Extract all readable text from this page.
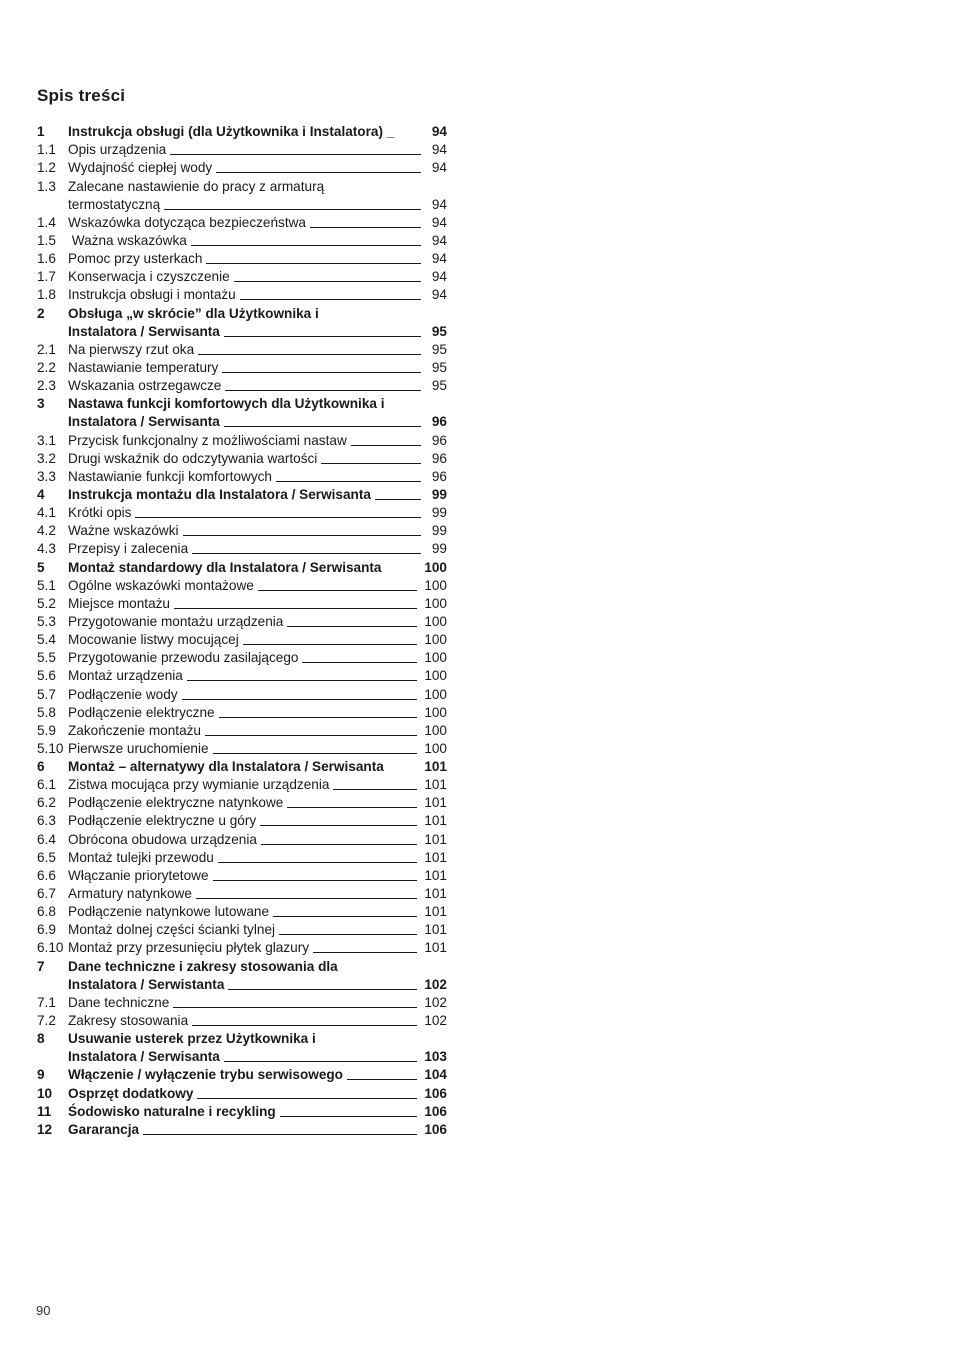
Spis treści
1	Instrukcja obsługi (dla Użytkownika i Instalatora) _	94
1.1 Opis urządzenia	94
1.2 Wydajność ciepłej wody	94
1.3 Zalecane nastawienie do pracy z armaturą
termostatyczną	94
1.4 Wskazówka dotycząca bezpieczeństwa	94
1.5 Ważna wskazówka	94
1.6 Pomoc przy usterkach	94
1.7 Konserwacja i czyszczenie	94
1.8 Instrukcja obsługi i montażu	94
2	Obsługa „w skrócie” dla Użytkownika i
Instalatora / Serwisanta	95
2.1 Na pierwszy rzut oka	95
2.2 Nastawianie temperatury	95
2.3 Wskazania ostrzegawcze	95
3	Nastawa funkcji komfortowych dla Użytkownika i
Instalatora / Serwisanta	96
3.1 Przycisk funkcjonalny z możliwościami nastaw	96
3.2 Drugi wskaźnik do odczytywania wartości	96
3.3 Nastawianie funkcji komfortowych	96
4	Instrukcja montażu dla Instalatora / Serwisanta	99
4.1 Krótki opis	99
4.2 Ważne wskazówki	99
4.3 Przepisy i zalecenia	99
5	Montaż standardowy dla Instalatora / Serwisanta	100
5.1 Ogólne wskazówki montażowe	100
5.2 Miejsce montażu	100
5.3 Przygotowanie montażu urządzenia	100
5.4 Mocowanie listwy mocującej	100
5.5 Przygotowanie przewodu zasilającego	100
5.6 Montaż urządzenia	100
5.7 Podłączenie wody	100
5.8 Podłączenie elektryczne	100
5.9 Zakończenie montażu	100
5.10 Pierwsze uruchomienie	100
6	Montaż – alternatywy dla Instalatora / Serwisanta	101
6.1 Zistwa mocująca przy wymianie urządzenia	101
6.2 Podłączenie elektryczne natynkowe	101
6.3 Podłączenie elektryczne u góry	101
6.4 Obrócona obudowa urządzenia	101
6.5 Montaż tulejki przewodu	101
6.6 Włączanie priorytetowe	101
6.7 Armatury natynkowe	101
6.8 Podłączenie natynkowe lutowane	101
6.9 Montaż dolnej części ścianki tylnej	101
6.10 Montaż przy przesunięciu płytek glazury	101
7	Dane techniczne i zakresy stosowania dla
Instalatora / Serwistanta	102
7.1 Dane techniczne	102
7.2 Zakresy stosowania	102
8	Usuwanie usterek przez Użytkownika i
Instalatora / Serwisanta	103
9	Włączenie / wyłączenie trybu serwisowego	104
10	Osprzęt dodatkowy	106
11	Śodowisko naturalne i recykling	106
12	Gararancja	106
90
